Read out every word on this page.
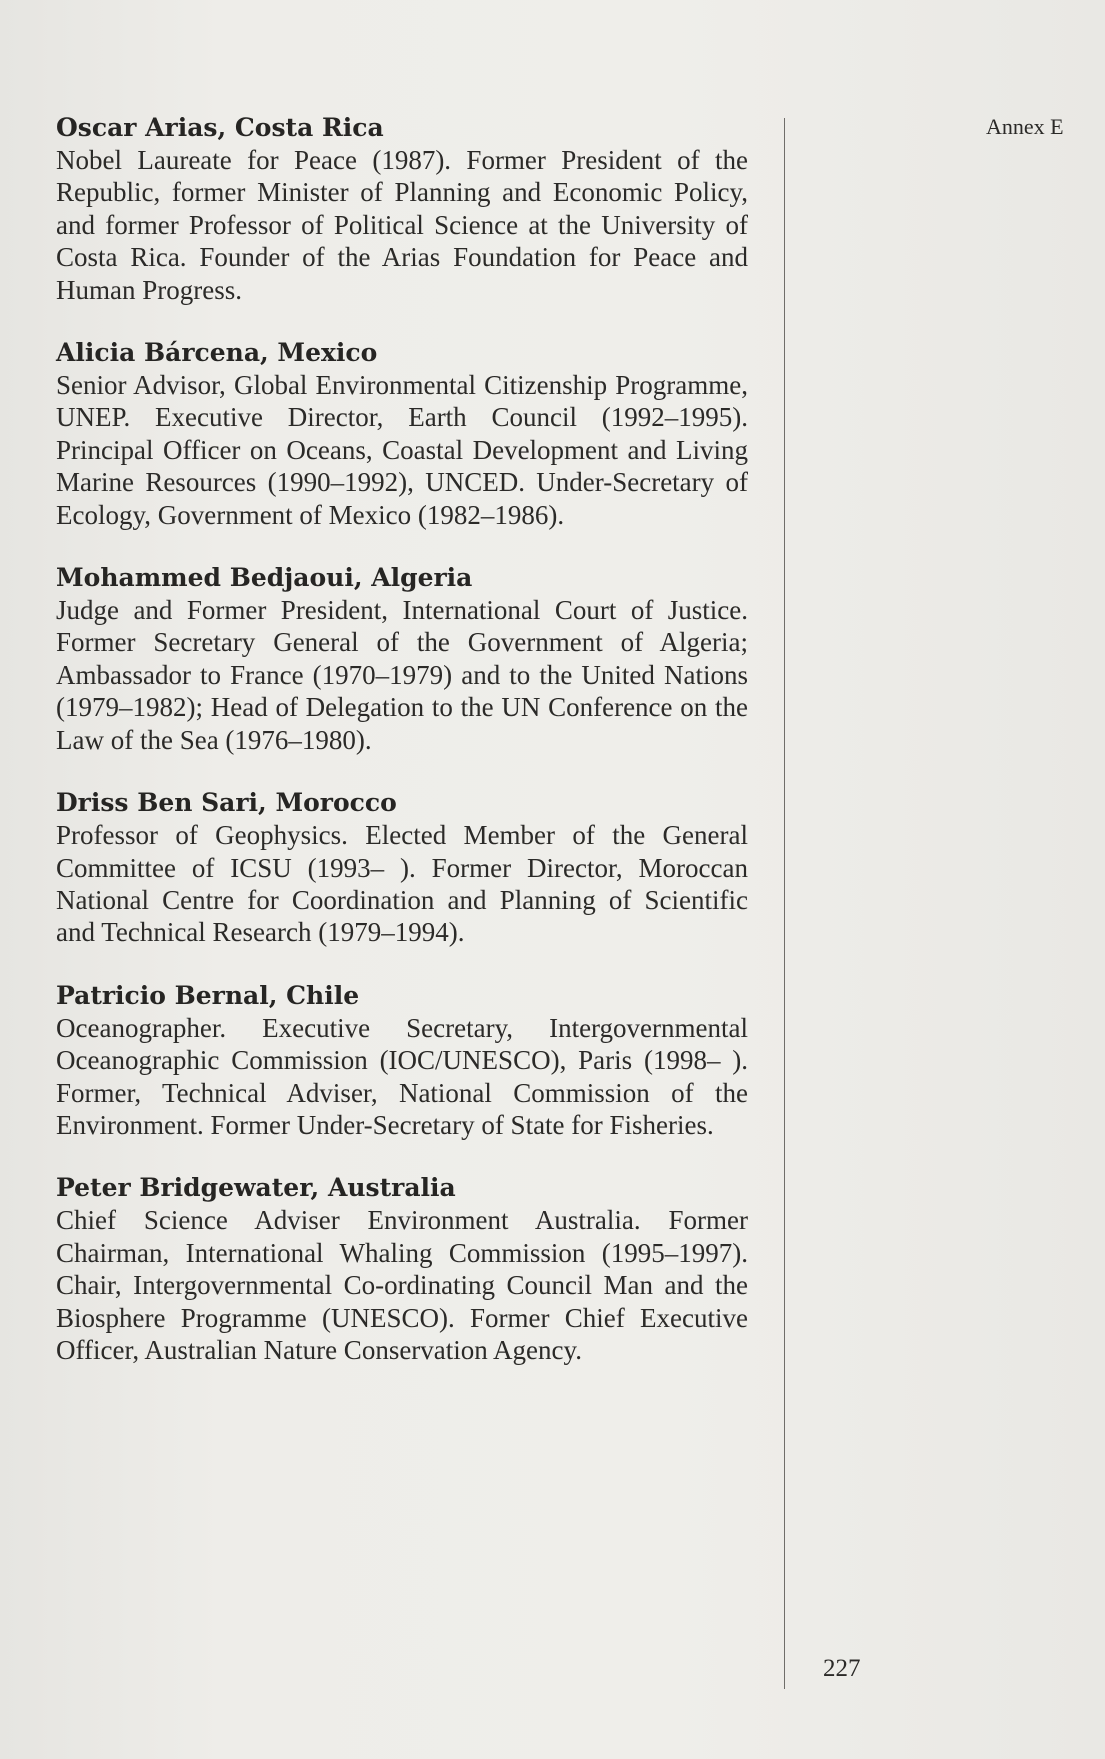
Annex E

Oscar Arias, Costa Rica

Nobel Laureate for Peace (1987). Former President of the Republic, former Minister of Planning and Economic Policy, and former Professor of Political Science at the University of Costa Rica. Founder of the Arias Foundation for Peace and Human Progress.

Alicia Bárcena, Mexico

Senior Advisor, Global Environmental Citizenship Programme, UNEP. Executive Director, Earth Council (1992–1995). Principal Officer on Oceans, Coastal Development and Living Marine Resources (1990–1992), UNCED. Under-Secretary of Ecology, Government of Mexico (1982–1986).

Mohammed Bedjaoui, Algeria

Judge and Former President, International Court of Justice. Former Secretary General of the Government of Algeria; Ambassador to France (1970–1979) and to the United Nations (1979–1982); Head of Delegation to the UN Conference on the Law of the Sea (1976–1980).

Driss Ben Sari, Morocco

Professor of Geophysics. Elected Member of the General Committee of ICSU (1993– ). Former Director, Moroccan National Centre for Coordination and Planning of Scientific and Technical Research (1979–1994).

Patricio Bernal, Chile

Oceanographer. Executive Secretary, Intergovernmental Oceanographic Commission (IOC/UNESCO), Paris (1998– ). Former, Technical Adviser, National Commission of the Environment. Former Under-Secretary of State for Fisheries.

Peter Bridgewater, Australia

Chief Science Adviser Environment Australia. Former Chairman, International Whaling Commission (1995–1997). Chair, Intergovernmental Co-ordinating Council Man and the Biosphere Programme (UNESCO). Former Chief Executive Officer, Australian Nature Conservation Agency.

227
